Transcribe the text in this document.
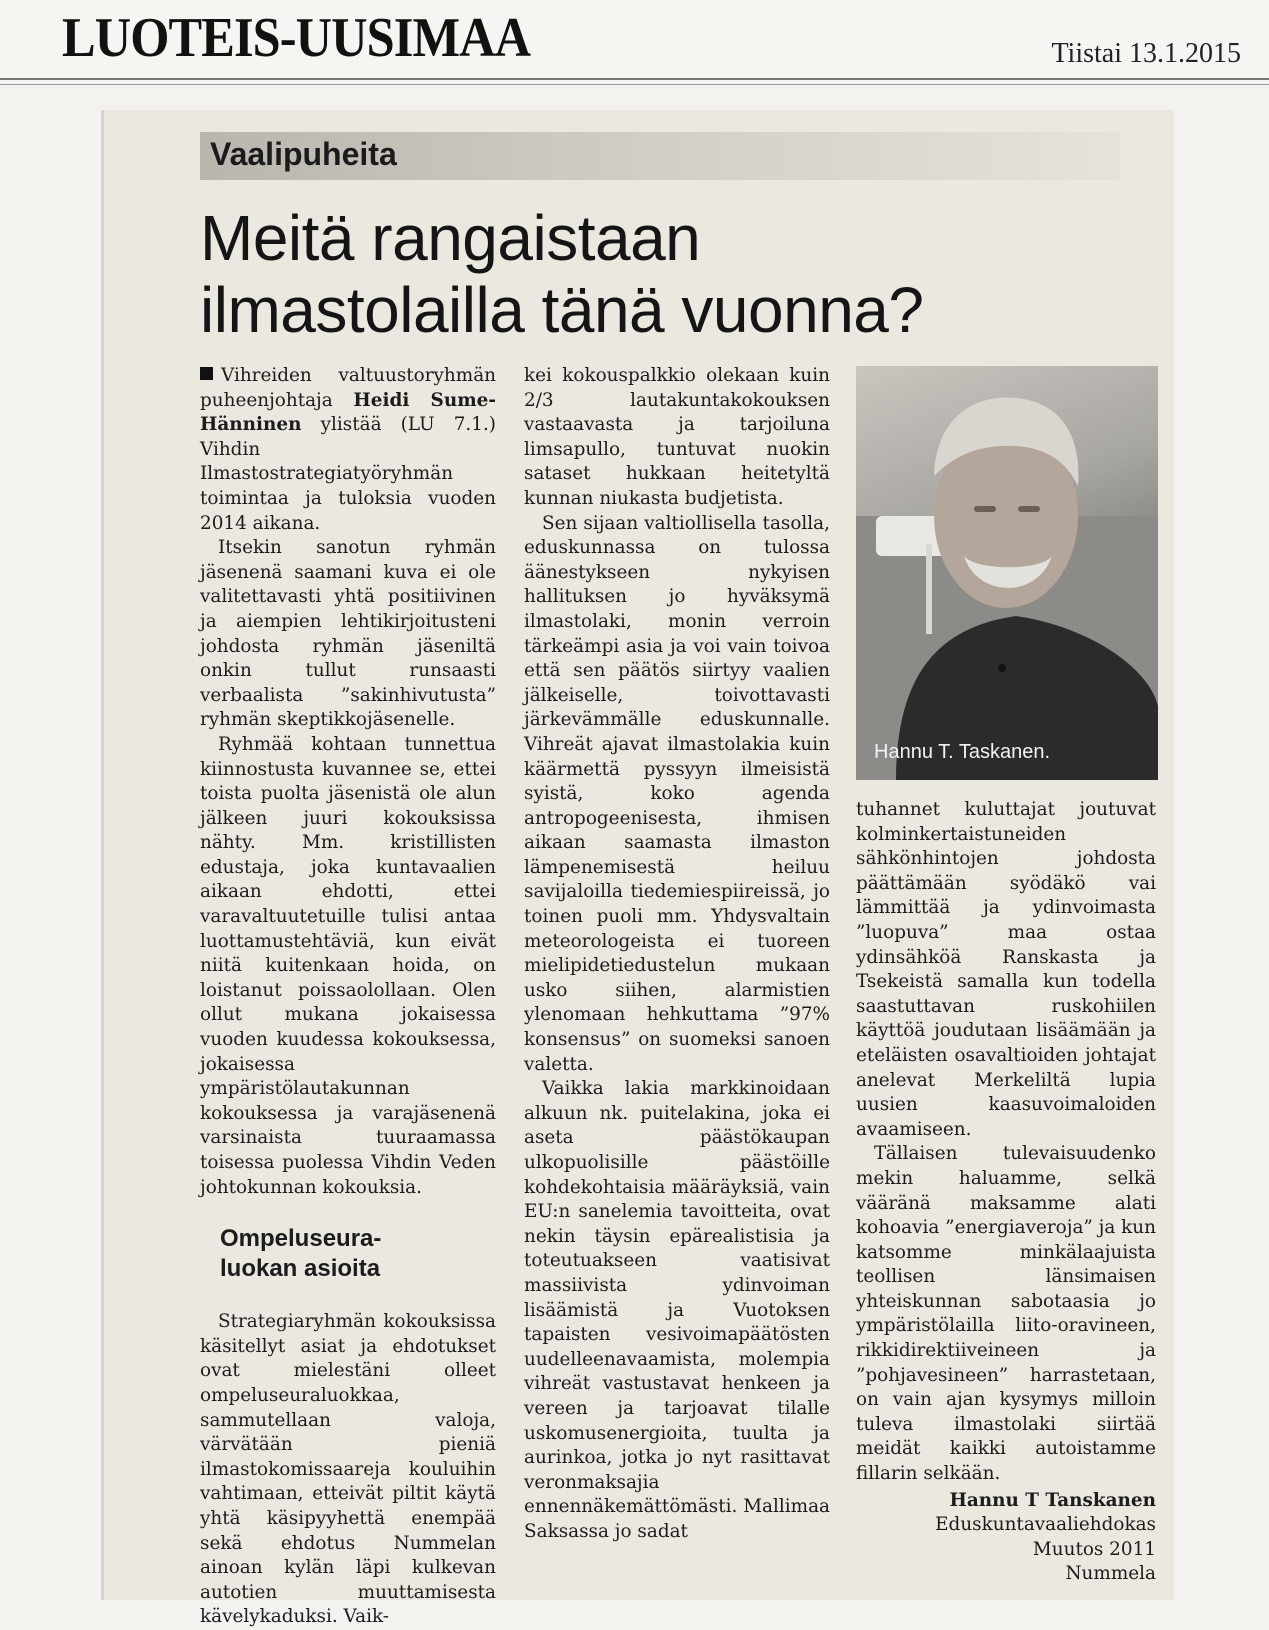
LUOTEIS-UUSIMAA	Tiistai 13.1.2015
Vaalipuheita
Meitä rangaistaan
ilmastolailla tänä vuonna?

Vihreiden valtuustoryhmän puheenjohtaja Heidi Sume-Hänninen ylistää (LU 7.1.) Vihdin Ilmastostrategiatyöryhmän toimintaa ja tuloksia vuoden 2014 aikana.

Itsekin sanotun ryhmän jäsenenä saamani kuva ei ole valitettavasti yhtä positiivinen ja aiempien lehtikirjoitusteni johdosta ryhmän jäseniltä onkin tullut runsaasti verbaalista ”sakinhivutusta” ryhmän skeptikkojäsenelle.

Ryhmää kohtaan tunnettua kiinnostusta kuvannee se, ettei toista puolta jäsenistä ole alun jälkeen juuri kokouksissa nähty. Mm. kristillisten edustaja, joka kuntavaalien aikaan ehdotti, ettei varavaltuutetuille tulisi antaa luottamustehtäviä, kun eivät niitä kuitenkaan hoida, on loistanut poissaolollaan. Olen ollut mukana jokaisessa vuoden kuudessa kokouksessa, jokaisessa ympäristölautakunnan kokouksessa ja varajäsenenä varsinaista tuuraamassa toisessa puolessa Vihdin Veden johtokunnan kokouksia.

Ompeluseura-
luokan asioita

Strategiaryhmän kokouksissa käsitellyt asiat ja ehdotukset ovat mielestäni olleet ompeluseuraluokkaa, sammutellaan valoja, värvätään pieniä ilmastokomissaareja kouluihin vahtimaan, etteivät piltit käytä yhtä käsipyyhettä enempää sekä ehdotus Nummelan ainoan kylän läpi kulkevan autotien muuttamisesta kävelykaduksi. Vaik-

kei kokouspalkkio olekaan kuin 2/3 lautakuntakokouksen vastaavasta ja tarjoiluna limsapullo, tuntuvat nuokin sataset hukkaan heitetyltä kunnan niukasta budjetista.

Sen sijaan valtiollisella tasolla, eduskunnassa on tulossa äänestykseen nykyisen hallituksen jo hyväksymä ilmastolaki, monin verroin tärkeämpi asia ja voi vain toivoa että sen päätös siirtyy vaalien jälkeiselle, toivottavasti järkevämmälle eduskunnalle. Vihreät ajavat ilmastolakia kuin käärmettä pyssyyn ilmeisistä syistä, koko agenda antropogeenisesta, ihmisen aikaan saamasta ilmaston lämpenemisestä heiluu savijaloilla tiedemiespiireissä, jo toinen puoli mm. Yhdysvaltain meteorologeista ei tuoreen mielipidetiedustelun mukaan usko siihen, alarmistien ylenomaan hehkuttama ”97% konsensus” on suomeksi sanoen valetta.

Vaikka lakia markkinoidaan alkuun nk. puitelakina, joka ei aseta päästökaupan ulkopuolisille päästöille kohdekohtaisia määräyksiä, vain EU:n sanelemia tavoitteita, ovat nekin täysin epärealistisia ja toteutuakseen vaatisivat massiivista ydinvoiman lisäämistä ja Vuotoksen tapaisten vesivoimapäätösten uudelleenavaamista, molempia vihreät vastustavat henkeen ja vereen ja tarjoavat tilalle uskomusenergioita, tuulta ja aurinkoa, jotka jo nyt rasittavat veronmaksajia ennennäkemättömästi. Mallimaa Saksassa jo sadat

Hannu T. Taskanen.

tuhannet kuluttajat joutuvat kolminkertaistuneiden sähkönhintojen johdosta päättämään syödäkö vai lämmittää ja ydinvoimasta ”luopuva” maa ostaa ydinsähköä Ranskasta ja Tsekeistä samalla kun todella saastuttavan ruskohiilen käyttöä joudutaan lisäämään ja eteläisten osavaltioiden johtajat anelevat Merkeliltä lupia uusien kaasuvoimaloiden avaamiseen.

Tällaisen tulevaisuudenko mekin haluamme, selkä vääränä maksamme alati kohoavia ”energiaveroja” ja kun katsomme minkälaajuista teollisen länsimaisen yhteiskunnan sabotaasia jo ympäristölailla liito-oravineen, rikkidirektiiveineen ja ”pohjavesineen” harrastetaan, on vain ajan kysymys milloin tuleva ilmastolaki siirtää meidät kaikki autoistamme fillarin selkään.

Hannu T Tanskanen
Eduskuntavaaliehdokas
Muutos 2011
Nummela
